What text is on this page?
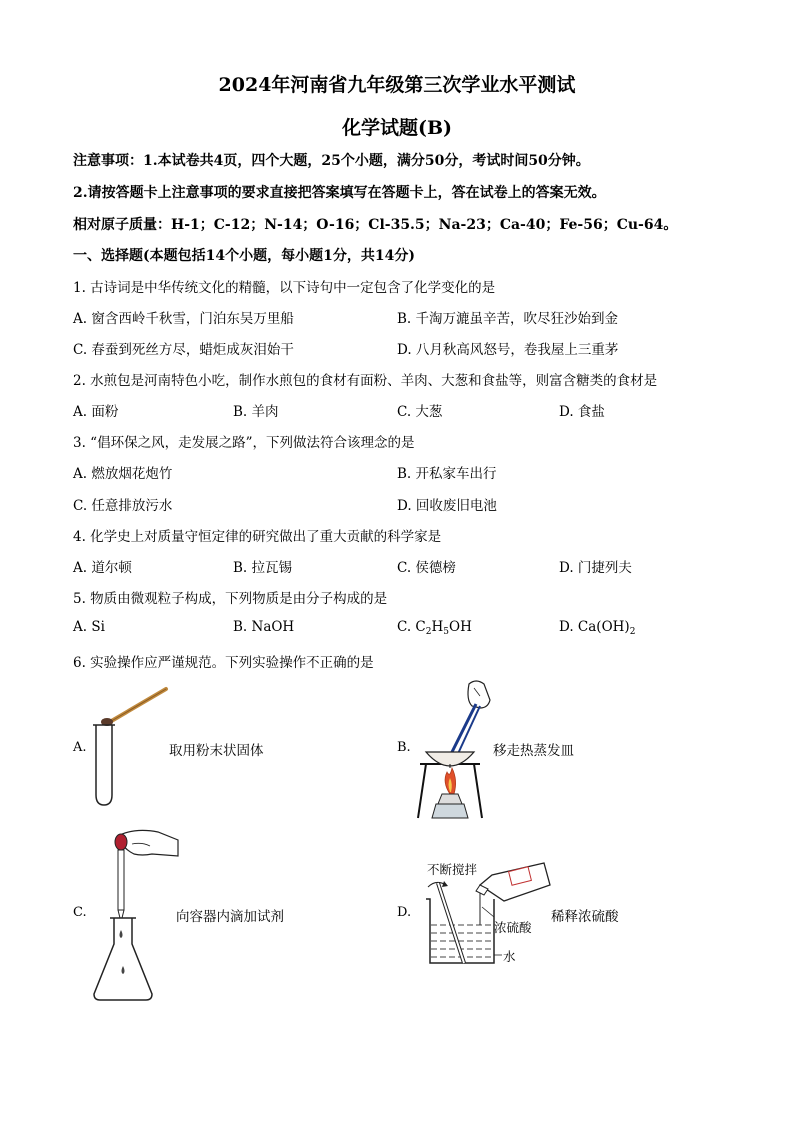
2024年河南省九年级第三次学业水平测试
化学试题(B)
注意事项：1.本试卷共4页，四个大题，25个小题，满分50分，考试时间50分钟。
2.请按答题卡上注意事项的要求直接把答案填写在答题卡上，答在试卷上的答案无效。
相对原子质量：H-1；C-12；N-14；O-16；Cl-35.5；Na-23；Ca-40；Fe-56；Cu-64。
一、选择题(本题包括14个小题，每小题1分，共14分)
1. 古诗词是中华传统文化的精髓，以下诗句中一定包含了化学变化的是
A. 窗含西岭千秋雪，门泊东吴万里船	B. 千淘万漉虽辛苦，吹尽狂沙始到金
C. 春蚕到死丝方尽，蜡炬成灰泪始干	D. 八月秋高风怒号，卷我屋上三重茅
2. 水煎包是河南特色小吃，制作水煎包的食材有面粉、羊肉、大葱和食盐等，则富含糖类的食材是
A. 面粉	B. 羊肉	C. 大葱	D. 食盐
3. “倡环保之风，走发展之路”，下列做法符合该理念的是
A. 燃放烟花炮竹	B. 开私家车出行
C. 任意排放污水	D. 回收废旧电池
4. 化学史上对质量守恒定律的研究做出了重大贡献的科学家是
A. 道尔顿	B. 拉瓦锡	C. 侯德榜	D. 门捷列夫
5. 物质由微观粒子构成，下列物质是由分子构成的是
A. Si	B. NaOH	C. $C_2H_5OH$	D. $Ca(OH)_2$
6. 实验操作应严谨规范。下列实验操作不正确的是
A.	取用粉末状固体	B.	移走热蒸发皿
C.	向容器内滴加试剂	D.
不断搅拌
浓硫酸
水
稀释浓硫酸
